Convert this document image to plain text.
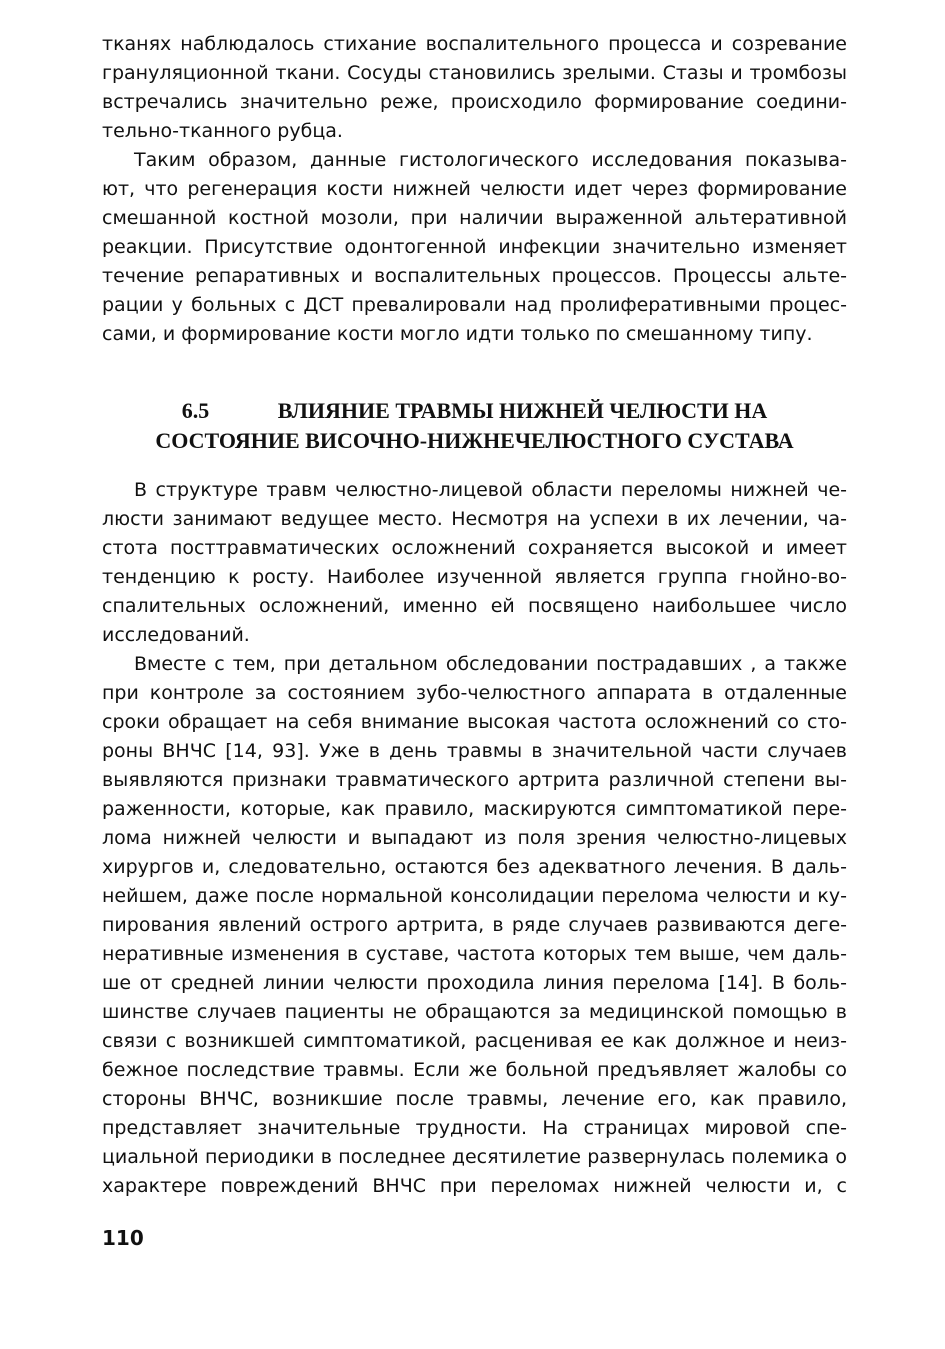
тканях наблюдалось стихание воспалительного процесса и созревание
грануляционной ткани. Сосуды становились зрелыми. Стазы и тромбозы
встречались значительно реже, происходило формирование соедини-
тельно-тканного рубца.

Таким образом, данные гистологического исследования показыва-
ют, что регенерация кости нижней челюсти идет через формирование
смешанной костной мозоли, при наличии выраженной альтеративной
реакции. Присутствие одонтогенной инфекции значительно изменяет
течение репаративных и воспалительных процессов. Процессы альте-
рации у больных с ДСТ превалировали над пролиферативными процес-
сами, и формирование кости могло идти только по смешанному типу.

6.5	ВЛИЯНИЕ ТРАВМЫ НИЖНЕЙ ЧЕЛЮСТИ НА
СОСТОЯНИЕ ВИСОЧНО-НИЖНЕЧЕЛЮСТНОГО СУСТАВА

В структуре травм челюстно-лицевой области переломы нижней че-
люсти занимают ведущее место. Несмотря на успехи в их лечении, ча-
стота посттравматических осложнений сохраняется высокой и имеет
тенденцию к росту. Наиболее изученной является группа гнойно-во-
спалительных осложнений, именно ей посвящено наибольшее число
исследований.

Вместе с тем, при детальном обследовании пострадавших , а также
при контроле за состоянием зубо-челюстного аппарата в отдаленные
сроки обращает на себя внимание высокая частота осложнений со сто-
роны ВНЧС [14, 93]. Уже в день травмы в значительной части случаев
выявляются признаки травматического артрита различной степени вы-
раженности, которые, как правило, маскируются симптоматикой пере-
лома нижней челюсти и выпадают из поля зрения челюстно-лицевых
хирургов и, следовательно, остаются без адекватного лечения. В даль-
нейшем, даже после нормальной консолидации перелома челюсти и ку-
пирования явлений острого артрита, в ряде случаев развиваются деге-
неративные изменения в суставе, частота которых тем выше, чем даль-
ше от средней линии челюсти проходила линия перелома [14]. В боль-
шинстве случаев пациенты не обращаются за медицинской помощью в
связи с возникшей симптоматикой, расценивая ее как должное и неиз-
бежное последствие травмы. Если же больной предъявляет жалобы со
стороны ВНЧС, возникшие после травмы, лечение его, как правило,
представляет значительные трудности. На страницах мировой спе-
циальной периодики в последнее десятилетие развернулась полемика о
характере повреждений ВНЧС при переломах нижней челюсти и, с

110
